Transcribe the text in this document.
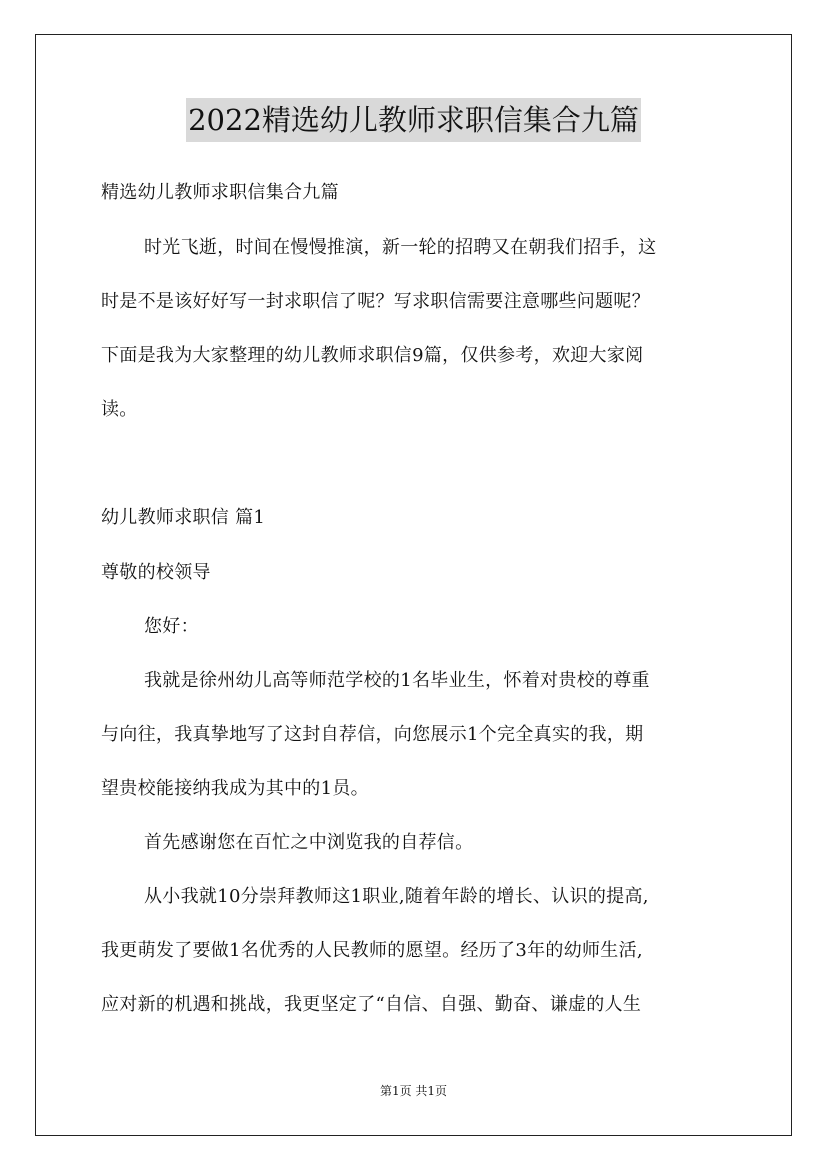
2022精选幼儿教师求职信集合九篇
精选幼儿教师求职信集合九篇
时光飞逝，时间在慢慢推演，新一轮的招聘又在朝我们招手，这
时是不是该好好写一封求职信了呢？写求职信需要注意哪些问题呢？
下面是我为大家整理的幼儿教师求职信9篇，仅供参考，欢迎大家阅
读。
幼儿教师求职信 篇1
尊敬的校领导
您好：
我就是徐州幼儿高等师范学校的1名毕业生，怀着对贵校的尊重
与向往，我真挚地写了这封自荐信，向您展示1个完全真实的我，期
望贵校能接纳我成为其中的1员。
首先感谢您在百忙之中浏览我的自荐信。
从小我就10分崇拜教师这1职业,随着年龄的增长、认识的提高,
我更萌发了要做1名优秀的人民教师的愿望。经历了3年的幼师生活,
应对新的机遇和挑战，我更坚定了“自信、自强、勤奋、谦虚的人生
第1页 共1页
